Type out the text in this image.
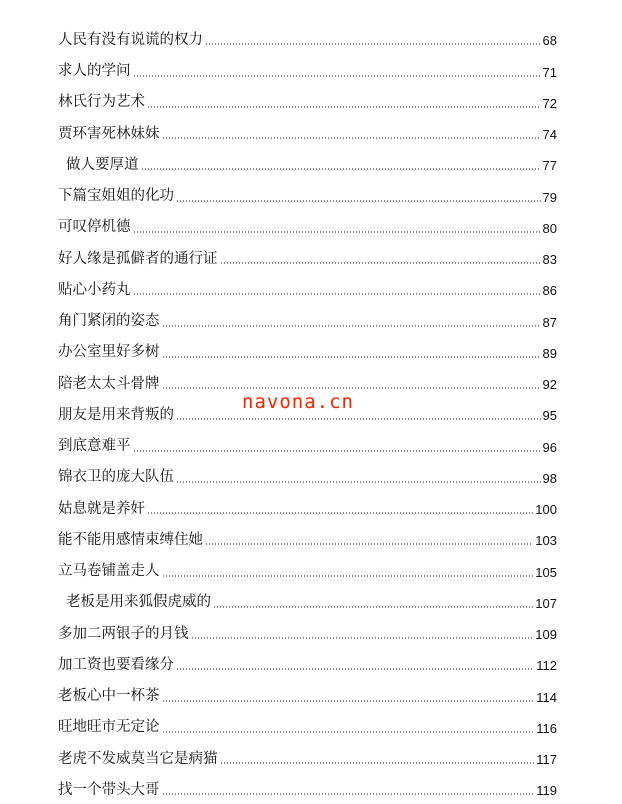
人民有没有说谎的权力	68
求人的学问	71
林氏行为艺术	72
贾环害死林妹妹	74
做人要厚道	77
下篇宝姐姐的化功	79
可叹停机德	80
好人缘是孤僻者的通行证	83
贴心小药丸	86
角门紧闭的姿态	87
办公室里好多树	89
陪老太太斗骨牌	92
朋友是用来背叛的	95
到底意难平	96
锦衣卫的庞大队伍	98
姑息就是养奸	100
能不能用感情束缚住她	103
立马卷铺盖走人	105
老板是用来狐假虎威的	107
多加二两银子的月钱	109
加工资也要看缘分	112
老板心中一杯茶	114
旺地旺市无定论	116
老虎不发威莫当它是病猫	117
找一个带头大哥	119
navona.cn
